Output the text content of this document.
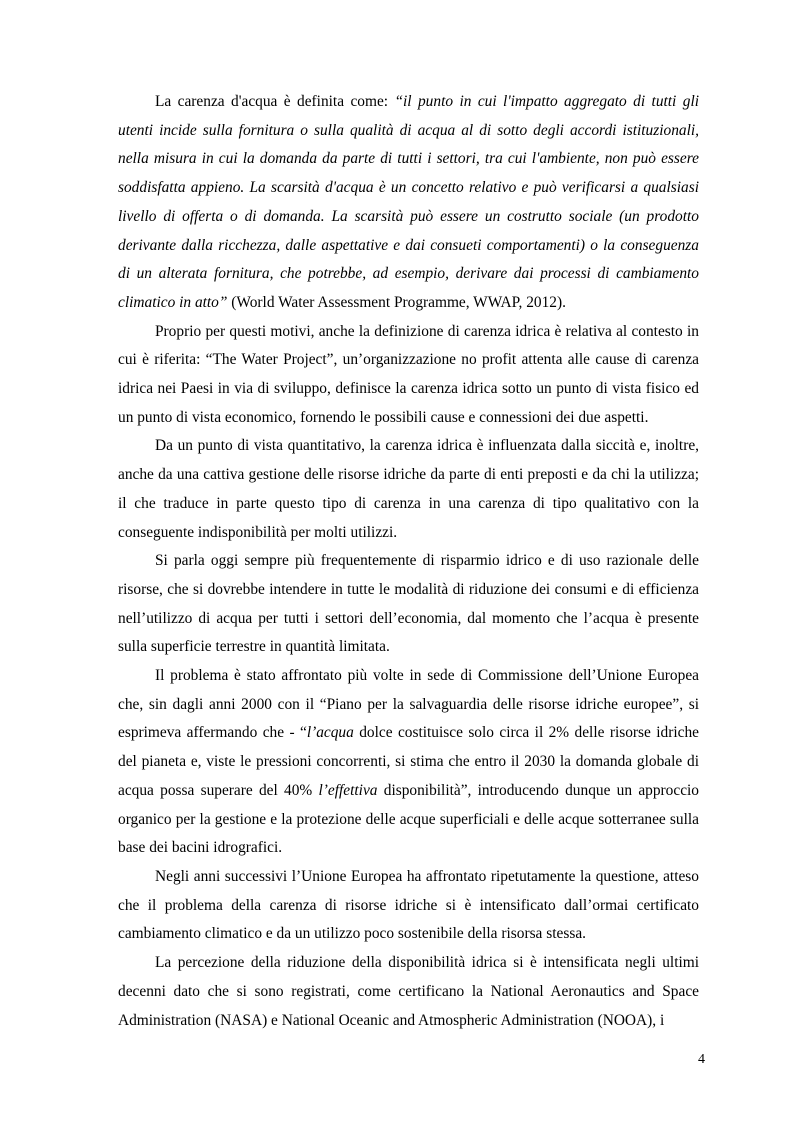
La carenza d'acqua è definita come: “il punto in cui l'impatto aggregato di tutti gli utenti incide sulla fornitura o sulla qualità di acqua al di sotto degli accordi istituzionali, nella misura in cui la domanda da parte di tutti i settori, tra cui l'ambiente, non può essere soddisfatta appieno. La scarsità d'acqua è un concetto relativo e può verificarsi a qualsiasi livello di offerta o di domanda. La scarsità può essere un costrutto sociale (un prodotto derivante dalla ricchezza, dalle aspettative e dai consueti comportamenti) o la conseguenza di un alterata fornitura, che potrebbe, ad esempio, derivare dai processi di cambiamento climatico in atto” (World Water Assessment Programme, WWAP, 2012).

Proprio per questi motivi, anche la definizione di carenza idrica è relativa al contesto in cui è riferita: “The Water Project”, un’organizzazione no profit attenta alle cause di carenza idrica nei Paesi in via di sviluppo, definisce la carenza idrica sotto un punto di vista fisico ed un punto di vista economico, fornendo le possibili cause e connessioni dei due aspetti.

Da un punto di vista quantitativo, la carenza idrica è influenzata dalla siccità e, inoltre, anche da una cattiva gestione delle risorse idriche da parte di enti preposti e da chi la utilizza; il che traduce in parte questo tipo di carenza in una carenza di tipo qualitativo con la conseguente indisponibilità per molti utilizzi.

Si parla oggi sempre più frequentemente di risparmio idrico e di uso razionale delle risorse, che si dovrebbe intendere in tutte le modalità di riduzione dei consumi e di efficienza nell’utilizzo di acqua per tutti i settori dell’economia, dal momento che l’acqua è presente sulla superficie terrestre in quantità limitata.

Il problema è stato affrontato più volte in sede di Commissione dell’Unione Europea che, sin dagli anni 2000 con il “Piano per la salvaguardia delle risorse idriche europee”, si esprimeva affermando che - “l’acqua dolce costituisce solo circa il 2% delle risorse idriche del pianeta e, viste le pressioni concorrenti, si stima che entro il 2030 la domanda globale di acqua possa superare del 40% l’effettiva disponibilità”, introducendo dunque un approccio organico per la gestione e la protezione delle acque superficiali e delle acque sotterranee sulla base dei bacini idrografici.

Negli anni successivi l’Unione Europea ha affrontato ripetutamente la questione, atteso che il problema della carenza di risorse idriche si è intensificato dall’ormai certificato cambiamento climatico e da un utilizzo poco sostenibile della risorsa stessa.

La percezione della riduzione della disponibilità idrica si è intensificata negli ultimi decenni dato che si sono registrati, come certificano la National Aeronautics and Space Administration (NASA) e National Oceanic and Atmospheric Administration (NOOA), i

4
